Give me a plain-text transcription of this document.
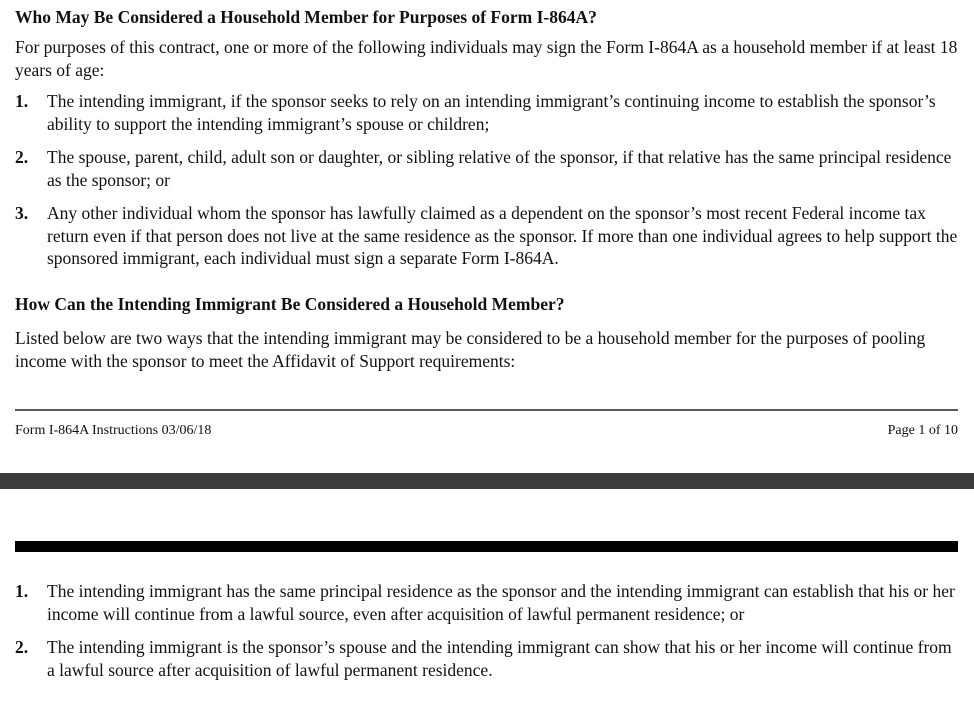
Who May Be Considered a Household Member for Purposes of Form I-864A?

For purposes of this contract, one or more of the following individuals may sign the Form I-864A as a household member if at least 18 years of age:

1. The intending immigrant, if the sponsor seeks to rely on an intending immigrant’s continuing income to establish the sponsor’s ability to support the intending immigrant’s spouse or children;
2. The spouse, parent, child, adult son or daughter, or sibling relative of the sponsor, if that relative has the same principal residence as the sponsor; or
3. Any other individual whom the sponsor has lawfully claimed as a dependent on the sponsor’s most recent Federal income tax return even if that person does not live at the same residence as the sponsor. If more than one individual agrees to help support the sponsored immigrant, each individual must sign a separate Form I-864A.
How Can the Intending Immigrant Be Considered a Household Member?

Listed below are two ways that the intending immigrant may be considered to be a household member for the purposes of pooling income with the sponsor to meet the Affidavit of Support requirements:

Form I-864A Instructions 03/06/18	Page 1 of 10
1. The intending immigrant has the same principal residence as the sponsor and the intending immigrant can establish that his or her income will continue from a lawful source, even after acquisition of lawful permanent residence; or
2. The intending immigrant is the sponsor’s spouse and the intending immigrant can show that his or her income will continue from a lawful source after acquisition of lawful permanent residence.
